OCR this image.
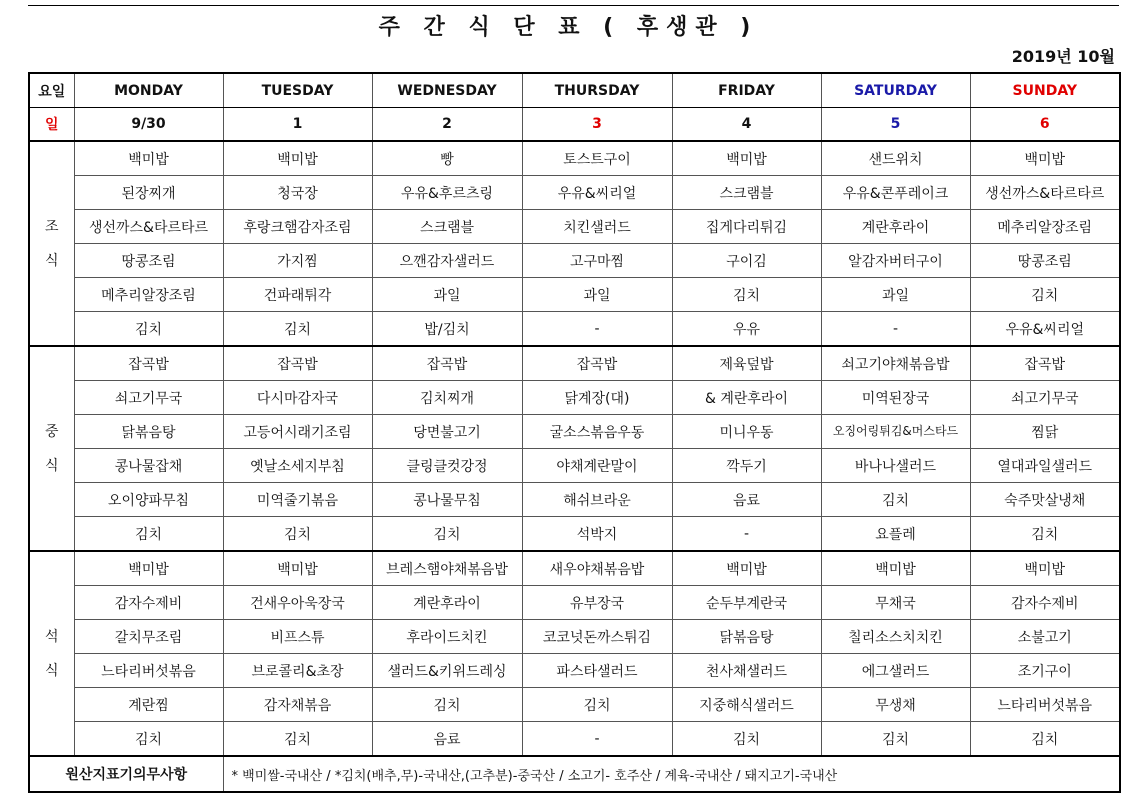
주 간 식 단 표 ( 후생관 )
2019년 10월
요일	MONDAY	TUESDAY	WEDNESDAY	THURSDAY	FRIDAY	SATURDAY	SUNDAY
일	9/30	1	2	3	4	5	6
조
식	백미밥	백미밥	빵	토스트구이	백미밥	샌드위치	백미밥
	된장찌개	청국장	우유&후르츠링	우유&씨리얼	스크램블	우유&콘푸레이크	생선까스&타르타르
	생선까스&타르타르	후랑크햄감자조림	스크램블	치킨샐러드	집게다리튀김	계란후라이	메추리알장조림
	땅콩조림	가지찜	으깬감자샐러드	고구마찜	구이김	알감자버터구이	땅콩조림
	메추리알장조림	건파래튀각	과일	과일	김치	과일	김치
	김치	김치	밥/김치	-	우유	-	우유&씨리얼
중
식	잡곡밥	잡곡밥	잡곡밥	잡곡밥	제육덮밥	쇠고기야채볶음밥	잡곡밥
	쇠고기무국	다시마감자국	김치찌개	닭계장(대)	& 계란후라이	미역된장국	쇠고기무국
	닭볶음탕	고등어시래기조림	당면불고기	굴소스볶음우동	미니우동	오징어링튀김&머스타드	찜닭
	콩나물잡채	옛날소세지부침	클링클컷강정	야채계란말이	깍두기	바나나샐러드	열대과일샐러드
	오이양파무침	미역줄기볶음	콩나물무침	해쉬브라운	음료	김치	숙주맛살냉채
	김치	김치	김치	석박지	-	요플레	김치
석
식	백미밥	백미밥	브레스햄야채볶음밥	새우야채볶음밥	백미밥	백미밥	백미밥
	감자수제비	건새우아욱장국	계란후라이	유부장국	순두부계란국	무채국	감자수제비
	갈치무조림	비프스튜	후라이드치킨	코코넛돈까스튀김	닭볶음탕	칠리소스치치킨	소불고기
	느타리버섯볶음	브로콜리&초장	샐러드&키위드레싱	파스타샐러드	천사채샐러드	에그샐러드	조기구이
	계란찜	감자채볶음	김치	김치	지중해식샐러드	무생채	느타리버섯볶음
	김치	김치	음료	-	김치	김치	김치
원산지표기의무사항		* 백미쌀-국내산 / *김치(배추,무)-국내산,(고추분)-중국산 / 소고기- 호주산 / 계육-국내산 / 돼지고기-국내산					
